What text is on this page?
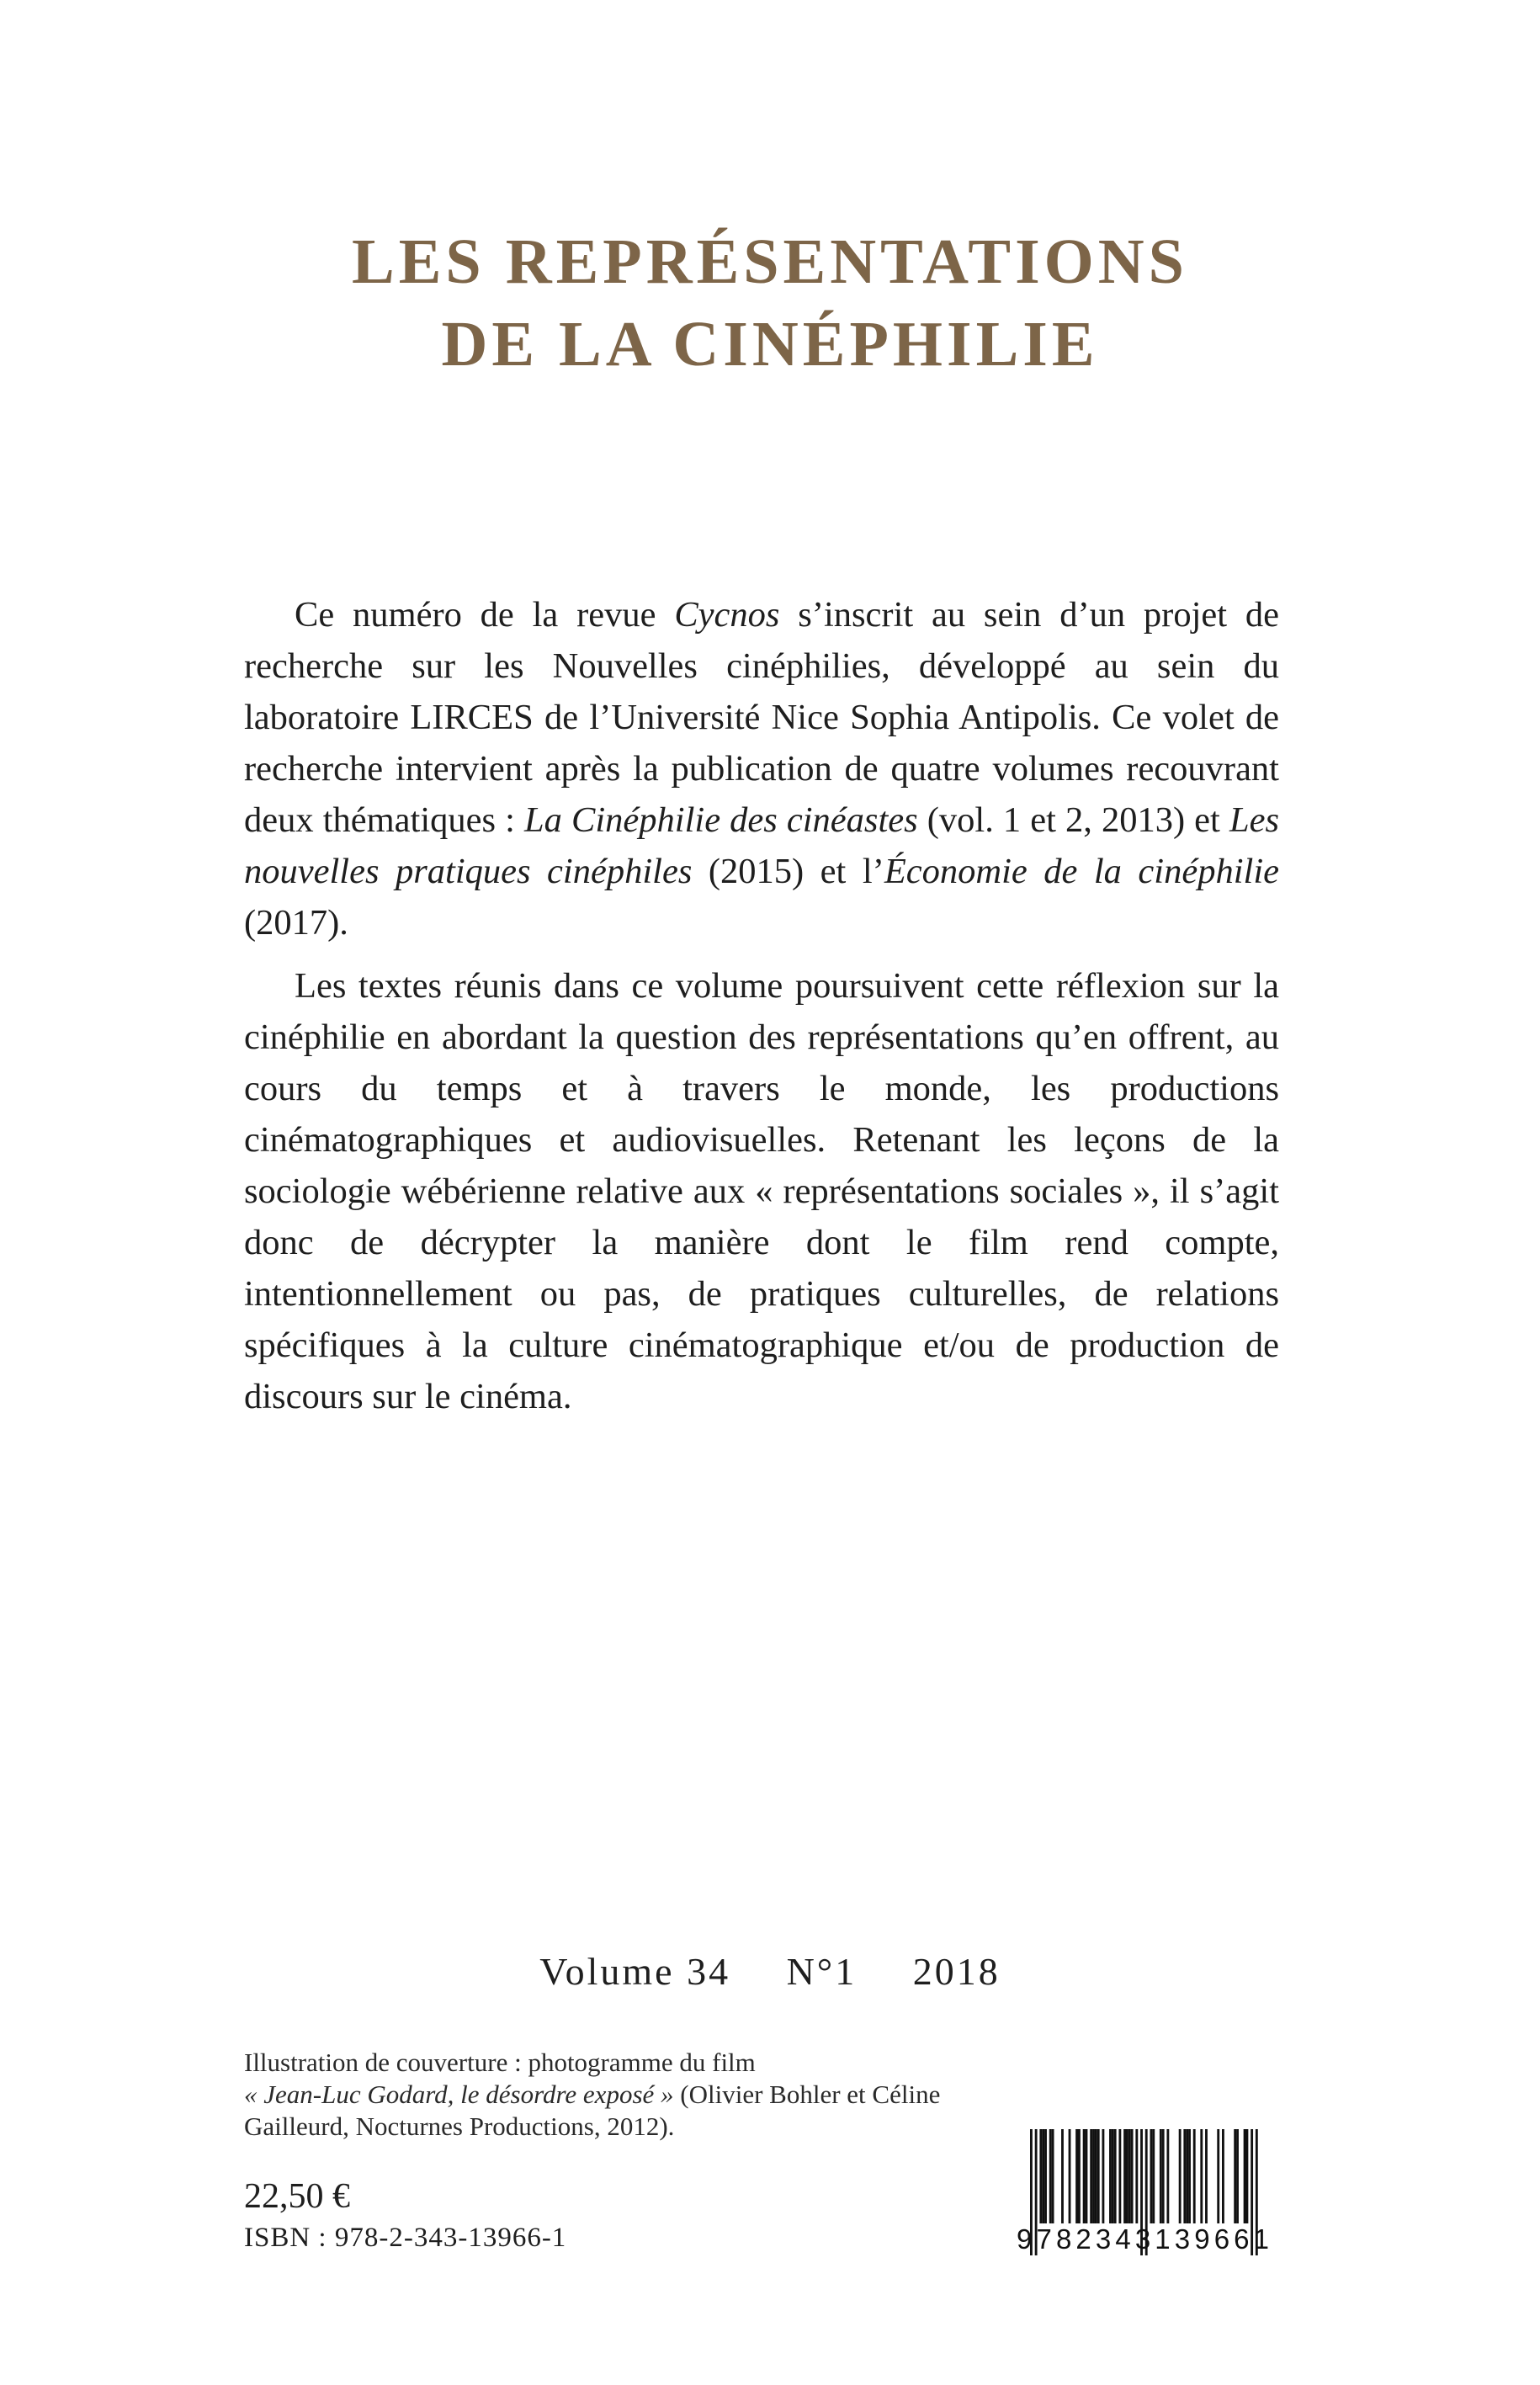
LES REPRÉSENTATIONS
DE LA CINÉPHILIE

Ce numéro de la revue Cycnos s’inscrit au sein d’un projet de recherche sur les Nouvelles cinéphilies, développé au sein du laboratoire LIRCES de l’Université Nice Sophia Antipolis. Ce volet de recherche intervient après la publication de quatre volumes recouvrant deux thématiques : La Cinéphilie des cinéastes (vol. 1 et 2, 2013) et Les nouvelles pratiques cinéphiles (2015) et l’Économie de la cinéphilie (2017).

Les textes réunis dans ce volume poursuivent cette réflexion sur la cinéphilie en abordant la question des représentations qu’en offrent, au cours du temps et à travers le monde, les productions cinématographiques et audiovisuelles. Retenant les leçons de la sociologie wébérienne relative aux « représentations sociales », il s’agit donc de décrypter la manière dont le film rend compte, intentionnellement ou pas, de pratiques culturelles, de relations spécifiques à la culture cinématographique et/ou de production de discours sur le cinéma.

Volume 34 N°1 2018
Illustration de couverture : photogramme du film
« Jean-Luc Godard, le désordre exposé » (Olivier Bohler et Céline Gailleurd, Nocturnes Productions, 2012).
22,50 €
ISBN : 978-2-343-13966-1	9 7 8 2 3 4 3 1 3 9 6 6 1
